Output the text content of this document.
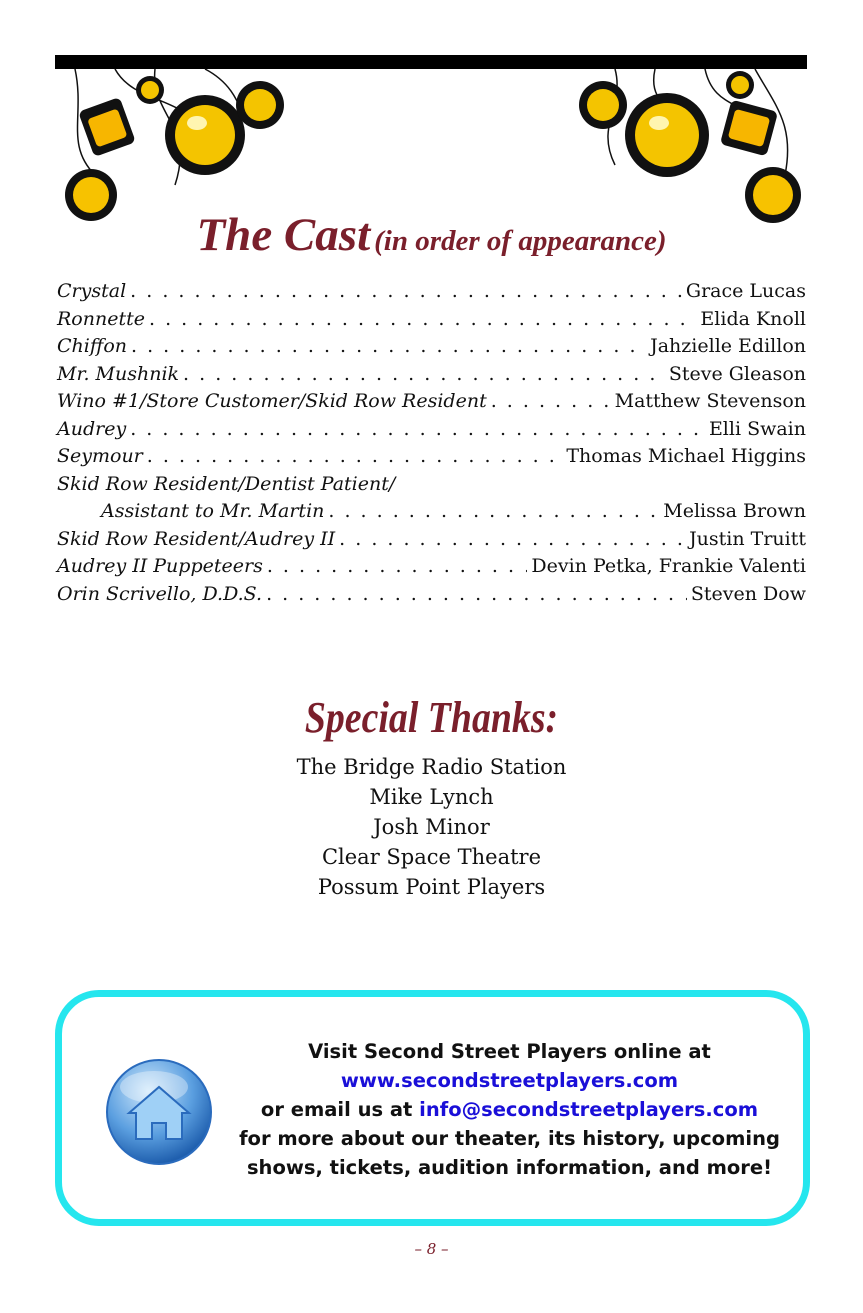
The Cast (in order of appearance)
Crystal . . .	Grace Lucas
Ronnette . . .	Elida Knoll
Chiffon . . .	Jahzielle Edillon
Mr. Mushnik . . .	Steve Gleason
Wino #1/Store Customer/Skid Row Resident . . .	Matthew Stevenson
Audrey . . .	Elli Swain
Seymour . . .	Thomas Michael Higgins
Skid Row Resident/Dentist Patient/
Assistant to Mr. Martin . . .	Melissa Brown
Skid Row Resident/Audrey II . . .	Justin Truitt
Audrey II Puppeteers . . .	Devin Petka, Frankie Valenti
Orin Scrivello, D.D.S. . . .	Steven Dow
Special Thanks:
The Bridge Radio Station
Mike Lynch
Josh Minor
Clear Space Theatre
Possum Point Players
Visit Second Street Players online at
www.secondstreetplayers.com
or email us at info@secondstreetplayers.com
for more about our theater, its history, upcoming
shows, tickets, audition information, and more!
– 8 –
